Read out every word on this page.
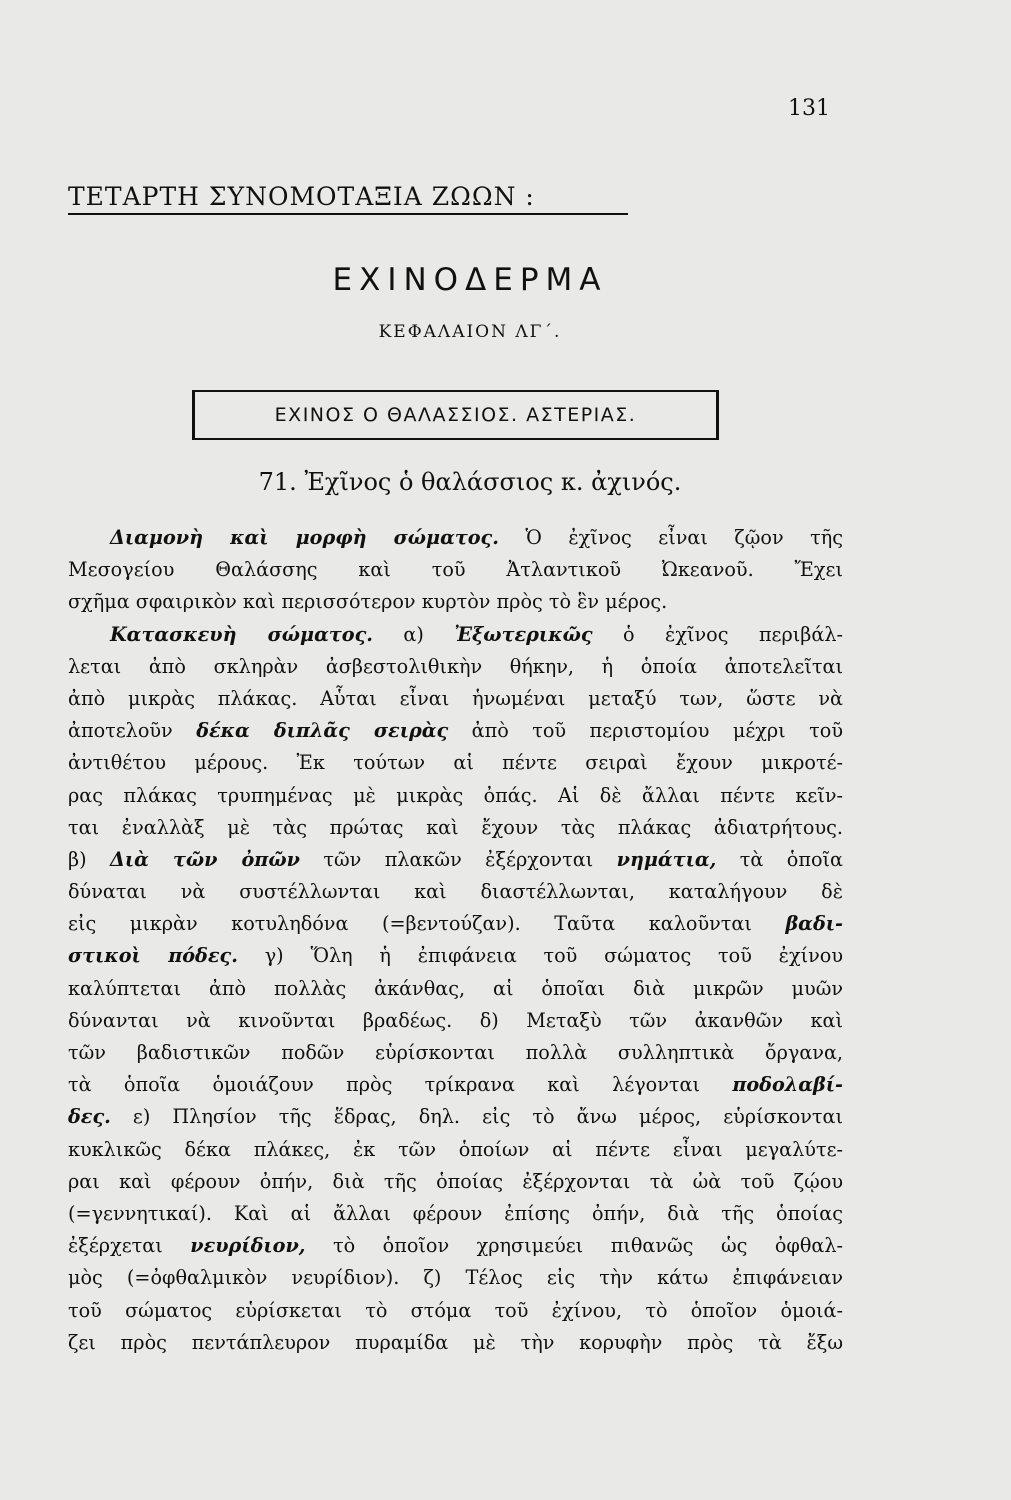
131
ΤΕΤΑΡΤΗ ΣΥΝΟΜΟΤΑΞΙΑ ΖΩΩΝ :
ΕΧΙΝΟΔΕΡΜΑ
ΚΕΦΑΛΑΙΟΝ ΛΓ΄.
ΕΧΙΝΟΣ Ο ΘΑΛΑΣΣΙΟΣ. ΑΣΤΕΡΙΑΣ.
71. Ἐχῖνος ὁ θαλάσσιος κ. ἀχινός.
Διαμονὴ καὶ μορφὴ σώματος. Ὁ ἐχῖνος εἶναι ζῷον τῆς
Μεσογείου Θαλάσσης καὶ τοῦ Ἀτλαντικοῦ Ὠκεανοῦ. Ἔχει
σχῆμα σφαιρικὸν καὶ περισσότερον κυρτὸν πρὸς τὸ ἓν μέρος.
Κατασκευὴ σώματος. α) Ἐξωτερικῶς ὁ ἐχῖνος περιβάλ-
λεται ἀπὸ σκληρὰν ἀσβεστολιθικὴν θήκην, ἡ ὁποία ἀποτελεῖται
ἀπὸ μικρὰς πλάκας. Αὗται εἶναι ἡνωμέναι μεταξύ των, ὥστε νὰ
ἀποτελοῦν δέκα διπλᾶς σειρὰς ἀπὸ τοῦ περιστομίου μέχρι τοῦ
ἀντιθέτου μέρους. Ἐκ τούτων αἱ πέντε σειραὶ ἔχουν μικροτέ-
ρας πλάκας τρυπημένας μὲ μικρὰς ὀπάς. Αἱ δὲ ἄλλαι πέντε κεῖν-
ται ἐναλλὰξ μὲ τὰς πρώτας καὶ ἔχουν τὰς πλάκας ἀδιατρήτους.
β) Διὰ τῶν ὀπῶν τῶν πλακῶν ἐξέρχονται νημάτια, τὰ ὁποῖα
δύναται νὰ συστέλλωνται καὶ διαστέλλωνται, καταλήγουν δὲ
εἰς μικρὰν κοτυληδόνα (=βεντούζαν). Ταῦτα καλοῦνται βαδι-
στικοὶ πόδες. γ) Ὅλη ἡ ἐπιφάνεια τοῦ σώματος τοῦ ἐχίνου
καλύπτεται ἀπὸ πολλὰς ἀκάνθας, αἱ ὁποῖαι διὰ μικρῶν μυῶν
δύνανται νὰ κινοῦνται βραδέως. δ) Μεταξὺ τῶν ἀκανθῶν καὶ
τῶν βαδιστικῶν ποδῶν εὑρίσκονται πολλὰ συλληπτικὰ ὄργανα,
τὰ ὁποῖα ὁμοιάζουν πρὸς τρίκρανα καὶ λέγονται ποδολαβί-
δες. ε) Πλησίον τῆς ἕδρας, δηλ. εἰς τὸ ἄνω μέρος, εὑρίσκονται
κυκλικῶς δέκα πλάκες, ἐκ τῶν ὁποίων αἱ πέντε εἶναι μεγαλύτε-
ραι καὶ φέρουν ὀπήν, διὰ τῆς ὁποίας ἐξέρχονται τὰ ὠὰ τοῦ ζῴου
(=γεννητικαί). Καὶ αἱ ἄλλαι φέρουν ἐπίσης ὀπήν, διὰ τῆς ὁποίας
ἐξέρχεται νευρίδιον, τὸ ὁποῖον χρησιμεύει πιθανῶς ὡς ὀφθαλ-
μὸς (=ὀφθαλμικὸν νευρίδιον). ζ) Τέλος εἰς τὴν κάτω ἐπιφάνειαν
τοῦ σώματος εὑρίσκεται τὸ στόμα τοῦ ἐχίνου, τὸ ὁποῖον ὁμοιά-
ζει πρὸς πεντάπλευρον πυραμίδα μὲ τὴν κορυφὴν πρὸς τὰ ἔξω
